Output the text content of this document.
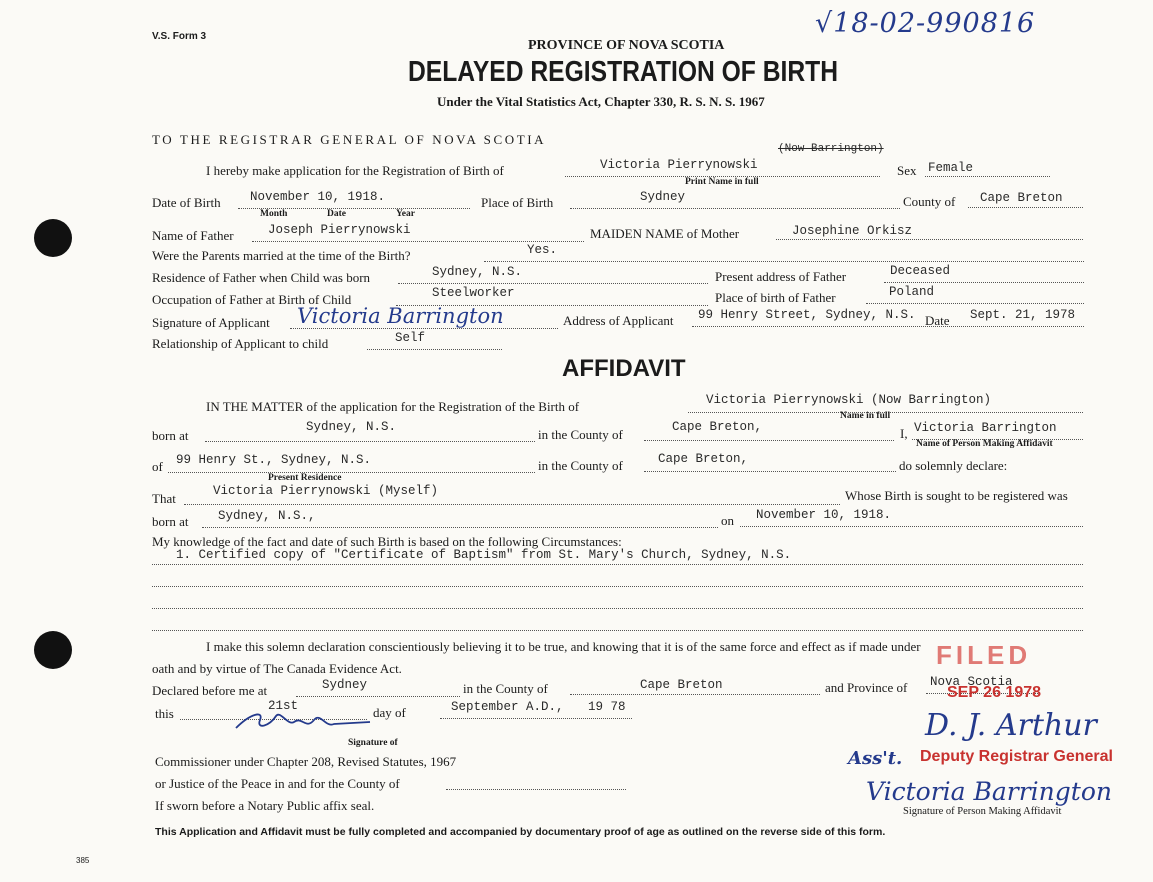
V.S. Form 3	√18-02-990816
PROVINCE OF NOVA SCOTIA
DELAYED REGISTRATION OF BIRTH
Under the Vital Statistics Act, Chapter 330, R. S. N. S. 1967
TO THE REGISTRAR GENERAL OF NOVA SCOTIA
I hereby make application for the Registration of Birth of	Victoria Pierrynowski
(Now Barrington)
Sex Female
Print Name in full
Date of Birth November 10, 1918.	Place of Birth	Sydney	County of Cape Breton
Month	Date	Year
Name of Father	Joseph Pierrynowski	MAIDEN NAME of Mother	Josephine Orkisz
Were the Parents married at the time of the Birth?	Yes.
Residence of Father when Child was born	Sydney, N.S.	Present address of Father	Deceased
Occupation of Father at Birth of Child	Steelworker	Place of birth of Father	Poland
Signature of Applicant Victoria Barrington	Address of Applicant 99 Henry Street, Sydney, N.S. Date Sept. 21, 1978
Relationship of Applicant to child	Self
AFFIDAVIT
IN THE MATTER of the application for the Registration of the Birth of	Victoria Pierrynowski (Now Barrington)
Name in full
born at
Sydney, N.S.	in the County of	Cape Breton,	I, Victoria Barrington
Name of Person Making Affidavit
of 99 Henry St., Sydney, N.S.	in the County of	Cape Breton,	do solemnly declare:
Present Residence
That	Victoria Pierrynowski (Myself)	Whose Birth is sought to be registered was
born at Sydney, N.S.,	on November 10, 1918.
My knowledge of the fact and date of such Birth is based on the following Circumstances:
1. Certified copy of "Certificate of Baptism" from St. Mary's Church, Sydney, N.S.
I make this solemn declaration conscientiously believing it to be true, and knowing that it is of the same force and effect as if made under
oath and by virtue of The Canada Evidence Act.
Declared before me at	Sydney	in the County of	Cape Breton	and Province of Nova Scotia
this	21st	day of	September A.D., 19 78
Signature of
Commissioner under Chapter 208, Revised Statutes, 1967
or Justice of the Peace in and for the County of
If sworn before a Notary Public affix seal.
FILED
SEP 26 1978
D. J. Arthur
Ass't. Deputy Registrar General
Victoria Barrington
Signature of Person Making Affidavit
This Application and Affidavit must be fully completed and accompanied by documentary proof of age as outlined on the reverse side of this form.
385
